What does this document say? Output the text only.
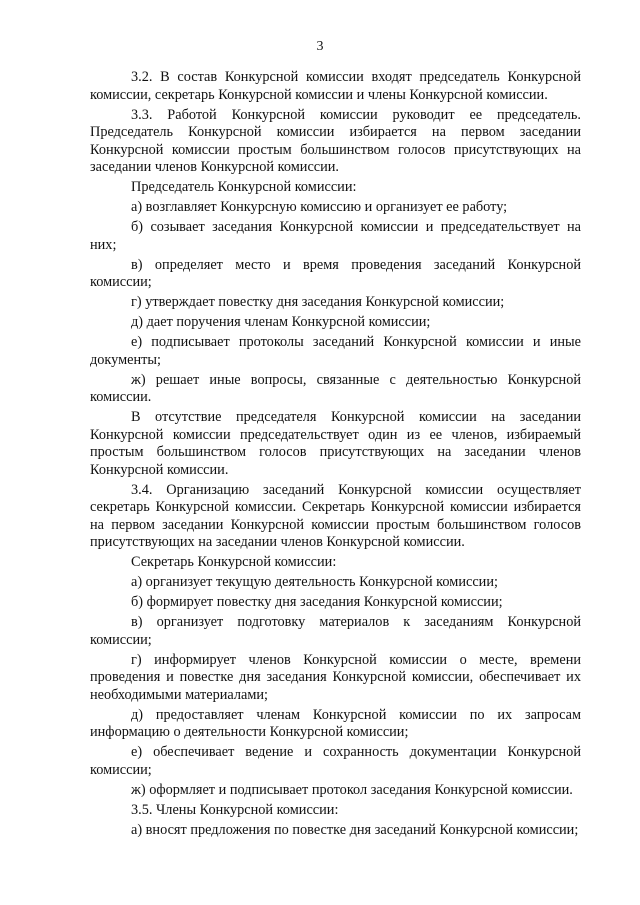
3

3.2. В состав Конкурсной комиссии входят председатель Конкурсной комиссии, секретарь Конкурсной комиссии и члены Конкурсной комиссии.

3.3. Работой Конкурсной комиссии руководит ее председатель. Председатель Конкурсной комиссии избирается на первом заседании Конкурсной комиссии простым большинством голосов присутствующих на заседании членов Конкурсной комиссии.

Председатель Конкурсной комиссии:

а) возглавляет Конкурсную комиссию и организует ее работу;

б) созывает заседания Конкурсной комиссии и председательствует на них;

в) определяет место и время проведения заседаний Конкурсной комиссии;

г) утверждает повестку дня заседания Конкурсной комиссии;

д) дает поручения членам Конкурсной комиссии;

е) подписывает протоколы заседаний Конкурсной комиссии и иные документы;

ж) решает иные вопросы, связанные с деятельностью Конкурсной комиссии.

В отсутствие председателя Конкурсной комиссии на заседании Конкурсной комиссии председательствует один из ее членов, избираемый простым большинством голосов присутствующих на заседании членов Конкурсной комиссии.

3.4. Организацию заседаний Конкурсной комиссии осуществляет секретарь Конкурсной комиссии. Секретарь Конкурсной комиссии избирается на первом заседании Конкурсной комиссии простым большинством голосов присутствующих на заседании членов Конкурсной комиссии.

Секретарь Конкурсной комиссии:

а) организует текущую деятельность Конкурсной комиссии;

б) формирует повестку дня заседания Конкурсной комиссии;

в) организует подготовку материалов к заседаниям Конкурсной комиссии;

г) информирует членов Конкурсной комиссии о месте, времени проведения и повестке дня заседания Конкурсной комиссии, обеспечивает их необходимыми материалами;

д) предоставляет членам Конкурсной комиссии по их запросам информацию о деятельности Конкурсной комиссии;

е) обеспечивает ведение и сохранность документации Конкурсной комиссии;

ж) оформляет и подписывает протокол заседания Конкурсной комиссии.

3.5. Члены Конкурсной комиссии:

а) вносят предложения по повестке дня заседаний Конкурсной комиссии;
